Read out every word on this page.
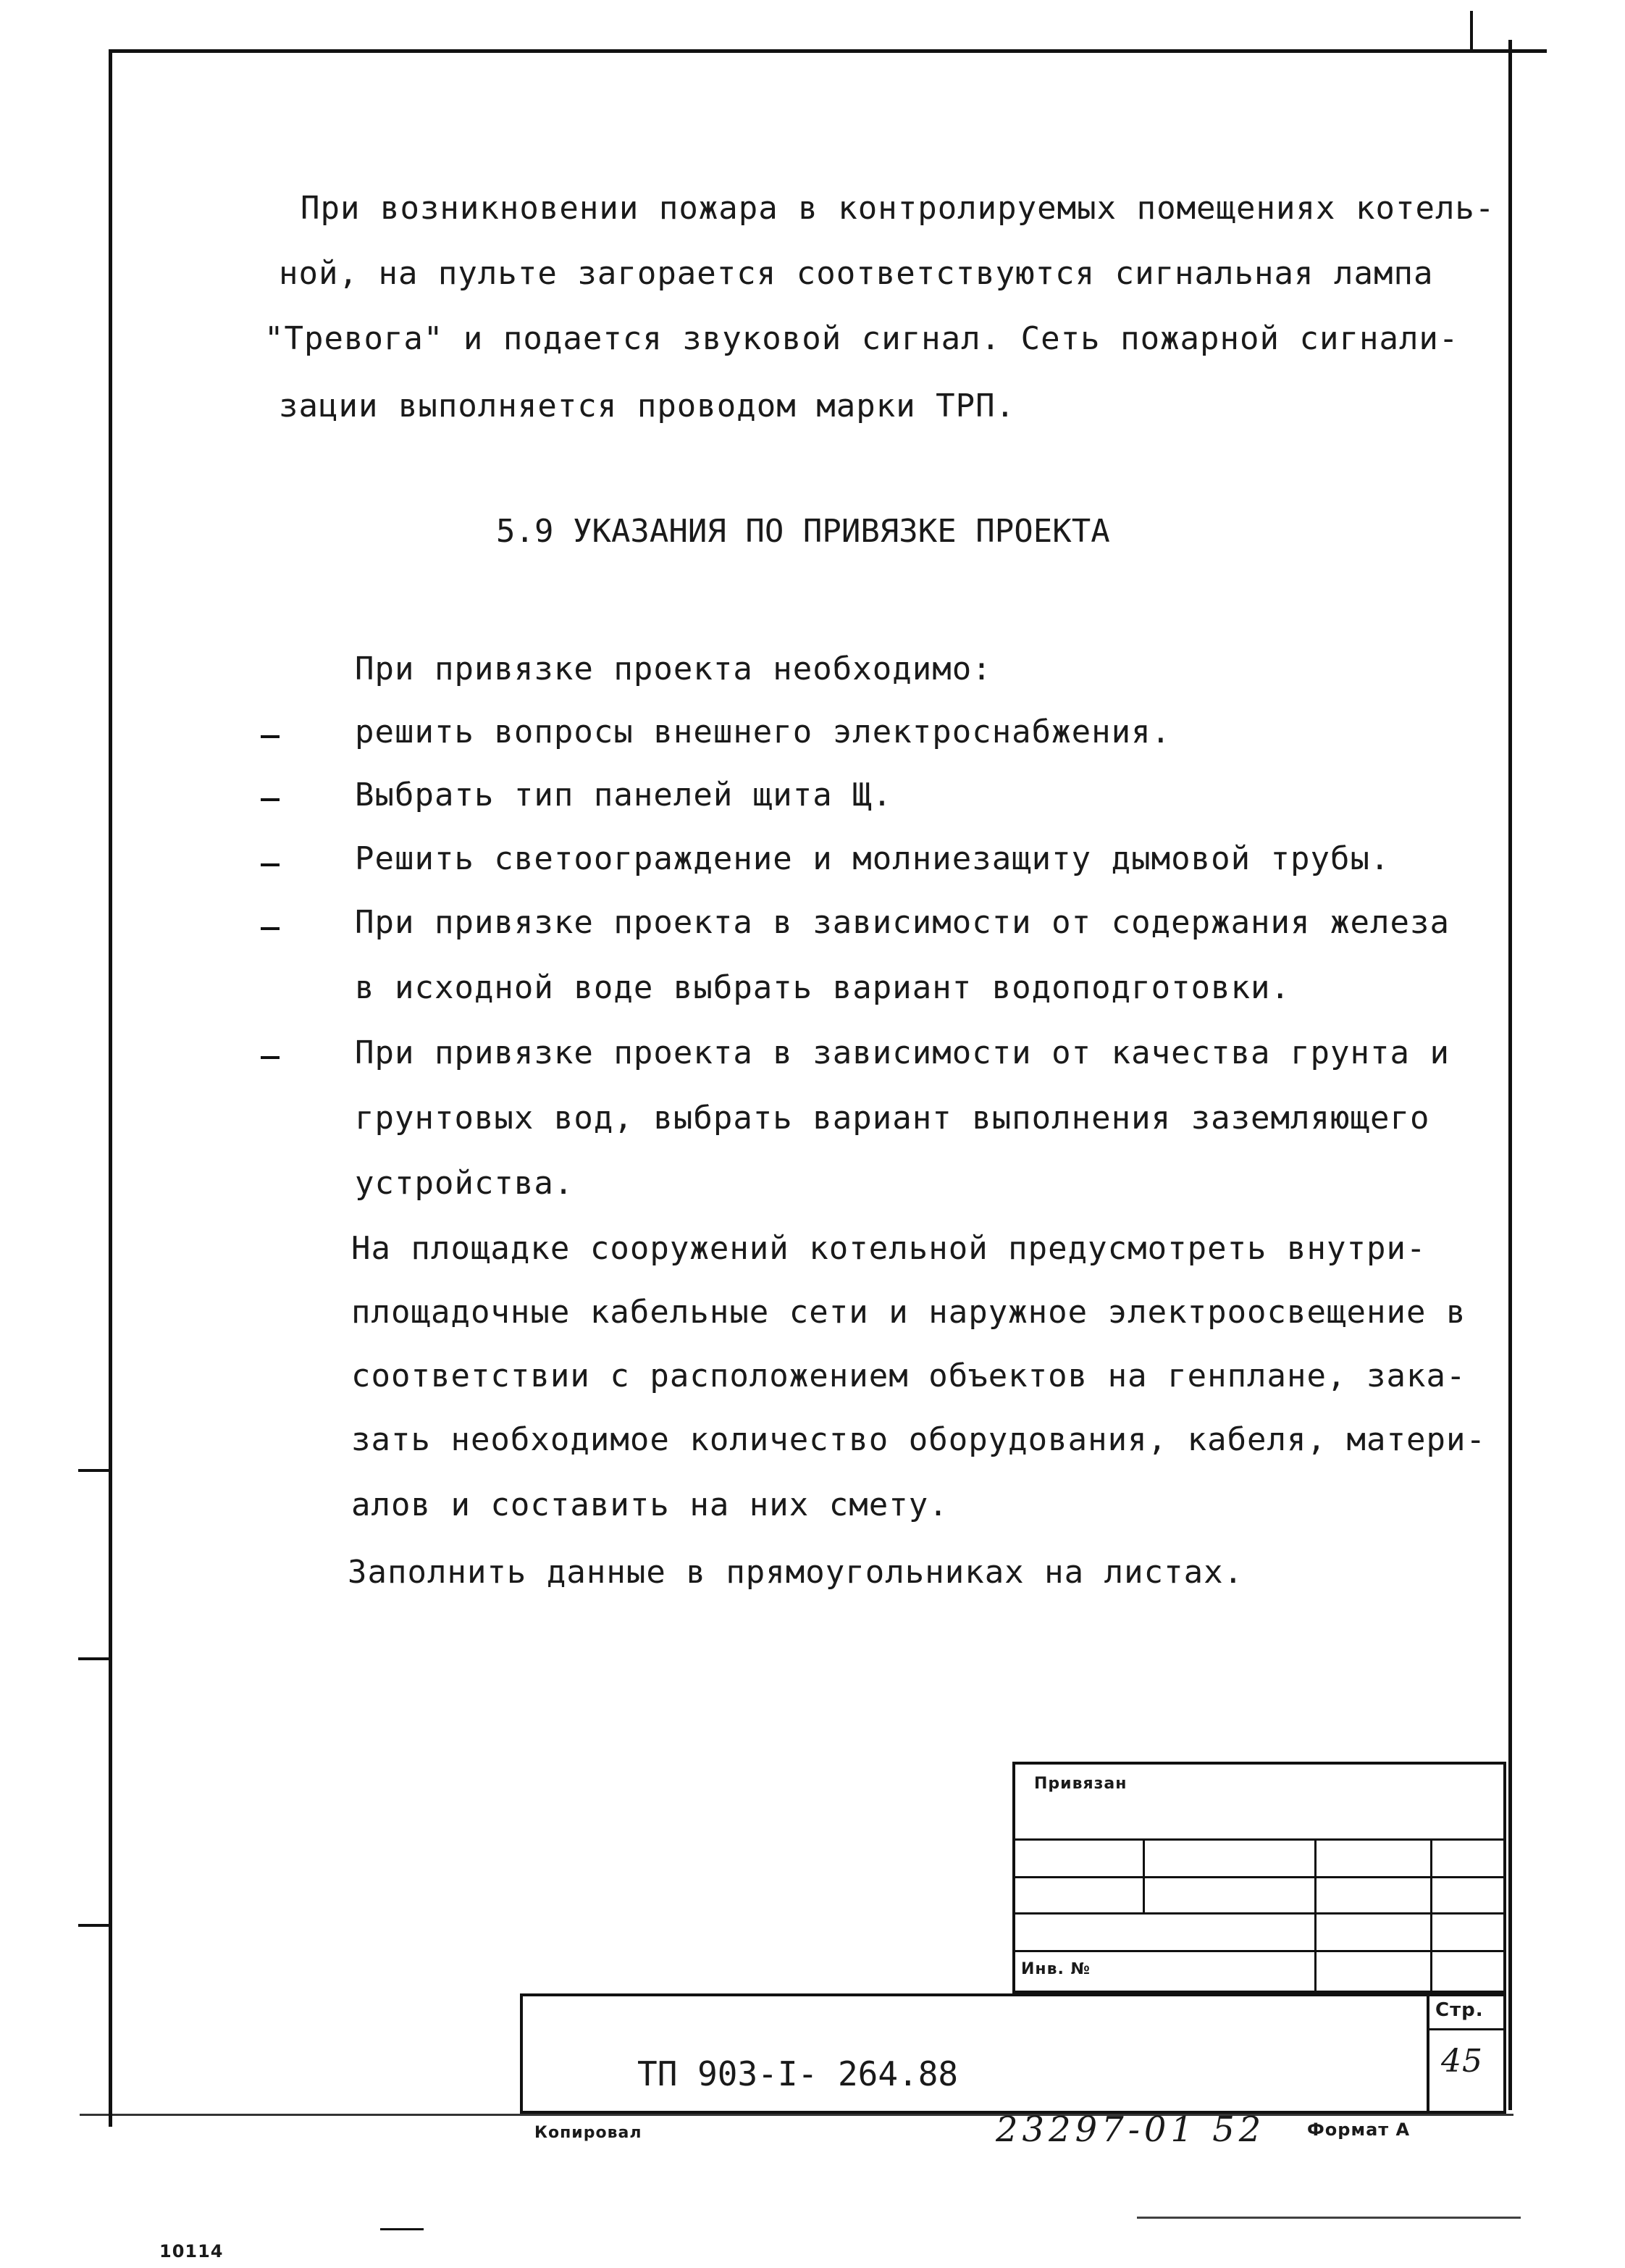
При возникновении пожара в контролируемых помещениях котель-
ной, на пульте загорается соответствуются сигнальная лампа
"Тревога" и подается звуковой сигнал. Сеть пожарной сигнали-
зации выполняется проводом марки ТРП.
5.9 УКАЗАНИЯ ПО ПРИВЯЗКЕ ПРОЕКТА
При привязке проекта необходимо:
решить вопросы внешнего электроснабжения.
Выбрать тип панелей щита Щ.
Решить светоограждение и молниезащиту дымовой трубы.
При привязке проекта в зависимости от содержания железа
в исходной воде выбрать вариант водоподготовки.
При привязке проекта в зависимости от качества грунта и
грунтовых вод, выбрать вариант выполнения заземляющего
устройства.
На площадке сооружений котельной предусмотреть внутри-
площадочные кабельные сети и наружное электроосвещение в
соответствии с расположением объектов на генплане, зака-
зать необходимое количество оборудования, кабеля, матери-
алов и составить на них смету.
Заполнить данные в прямоугольниках на листах.
Привязан
Инв. №
Стр.
45
ТП 903-I- 264.88
Копировал	23297-01 52 Формат А
10114
